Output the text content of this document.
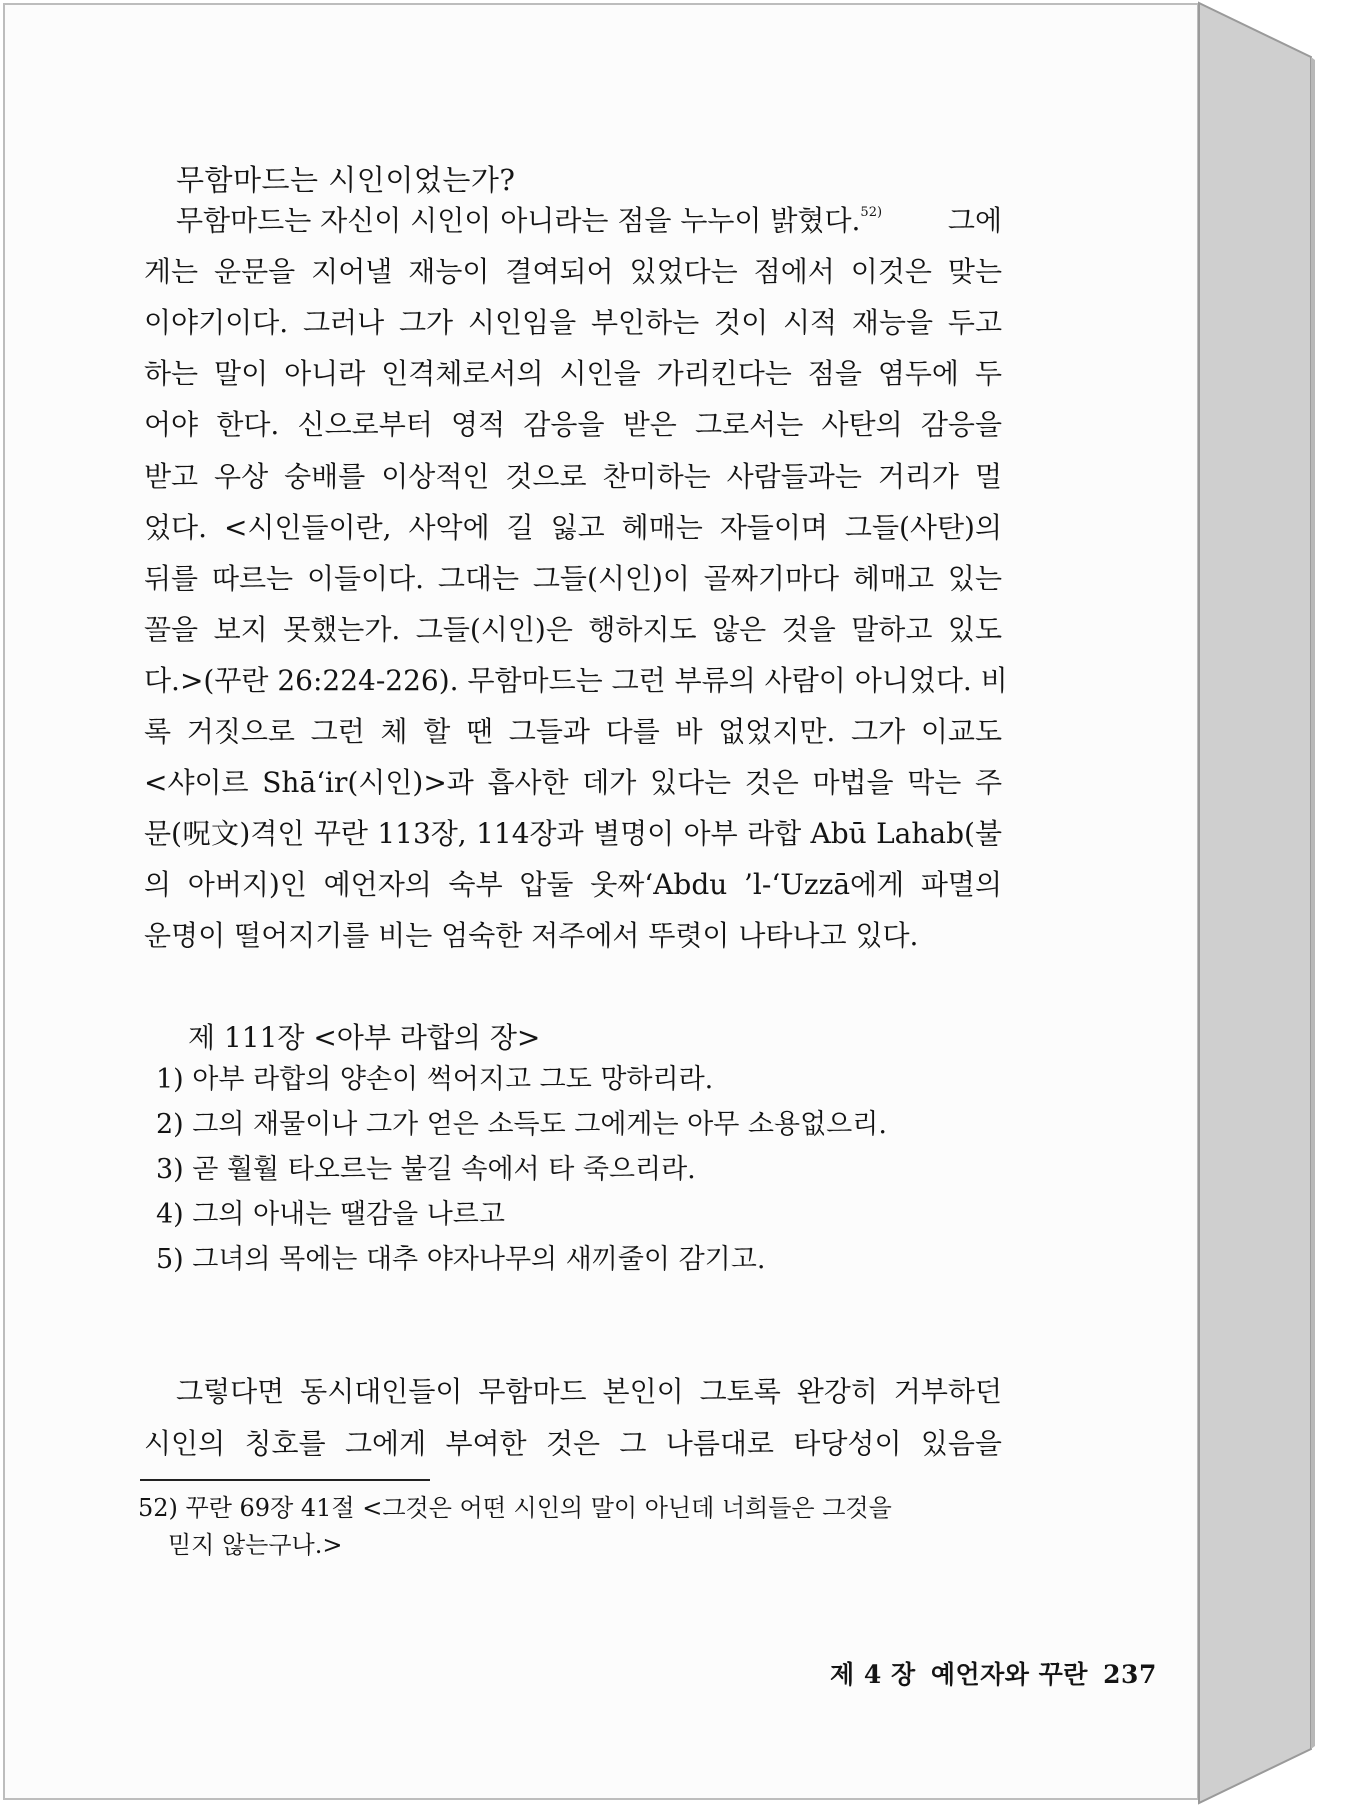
무함마드는 시인이었는가?
무함마드는 자신이 시인이 아니라는 점을 누누이 밝혔다.$^{52)}$ 그에
게는 운문을 지어낼 재능이 결여되어 있었다는 점에서 이것은 맞는
이야기이다. 그러나 그가 시인임을 부인하는 것이 시적 재능을 두고
하는 말이 아니라 인격체로서의 시인을 가리킨다는 점을 염두에 두
어야 한다. 신으로부터 영적 감응을 받은 그로서는 사탄의 감응을
받고 우상 숭배를 이상적인 것으로 찬미하는 사람들과는 거리가 멀
었다. <시인들이란, 사악에 길 잃고 헤매는 자들이며 그들(사탄)의
뒤를 따르는 이들이다. 그대는 그들(시인)이 골짜기마다 헤매고 있는
꼴을 보지 못했는가. 그들(시인)은 행하지도 않은 것을 말하고 있도
다.>(꾸란 26:224-226). 무함마드는 그런 부류의 사람이 아니었다. 비
록 거짓으로 그런 체 할 땐 그들과 다를 바 없었지만. 그가 이교도
<샤이르 Shā‘ir(시인)>과 흡사한 데가 있다는 것은 마법을 막는 주
문(呪文)격인 꾸란 113장, 114장과 별명이 아부 라합 Abū Lahab(불
의 아버지)인 예언자의 숙부 압둘 웃짜‘Abdu ’l-‘Uzzā에게 파멸의
운명이 떨어지기를 비는 엄숙한 저주에서 뚜렷이 나타나고 있다.
제 111장 <아부 라합의 장>
1) 아부 라합의 양손이 썩어지고 그도 망하리라.
2) 그의 재물이나 그가 얻은 소득도 그에게는 아무 소용없으리.
3) 곧 훨훨 타오르는 불길 속에서 타 죽으리라.
4) 그의 아내는 땔감을 나르고
5) 그녀의 목에는 대추 야자나무의 새끼줄이 감기고.
그렇다면 동시대인들이 무함마드 본인이 그토록 완강히 거부하던
시인의 칭호를 그에게 부여한 것은 그 나름대로 타당성이 있음을
52) 꾸란 69장 41절 <그것은 어떤 시인의 말이 아닌데 너희들은 그것을
믿지 않는구나.>
제 4 장 예언자와 꾸란 237
